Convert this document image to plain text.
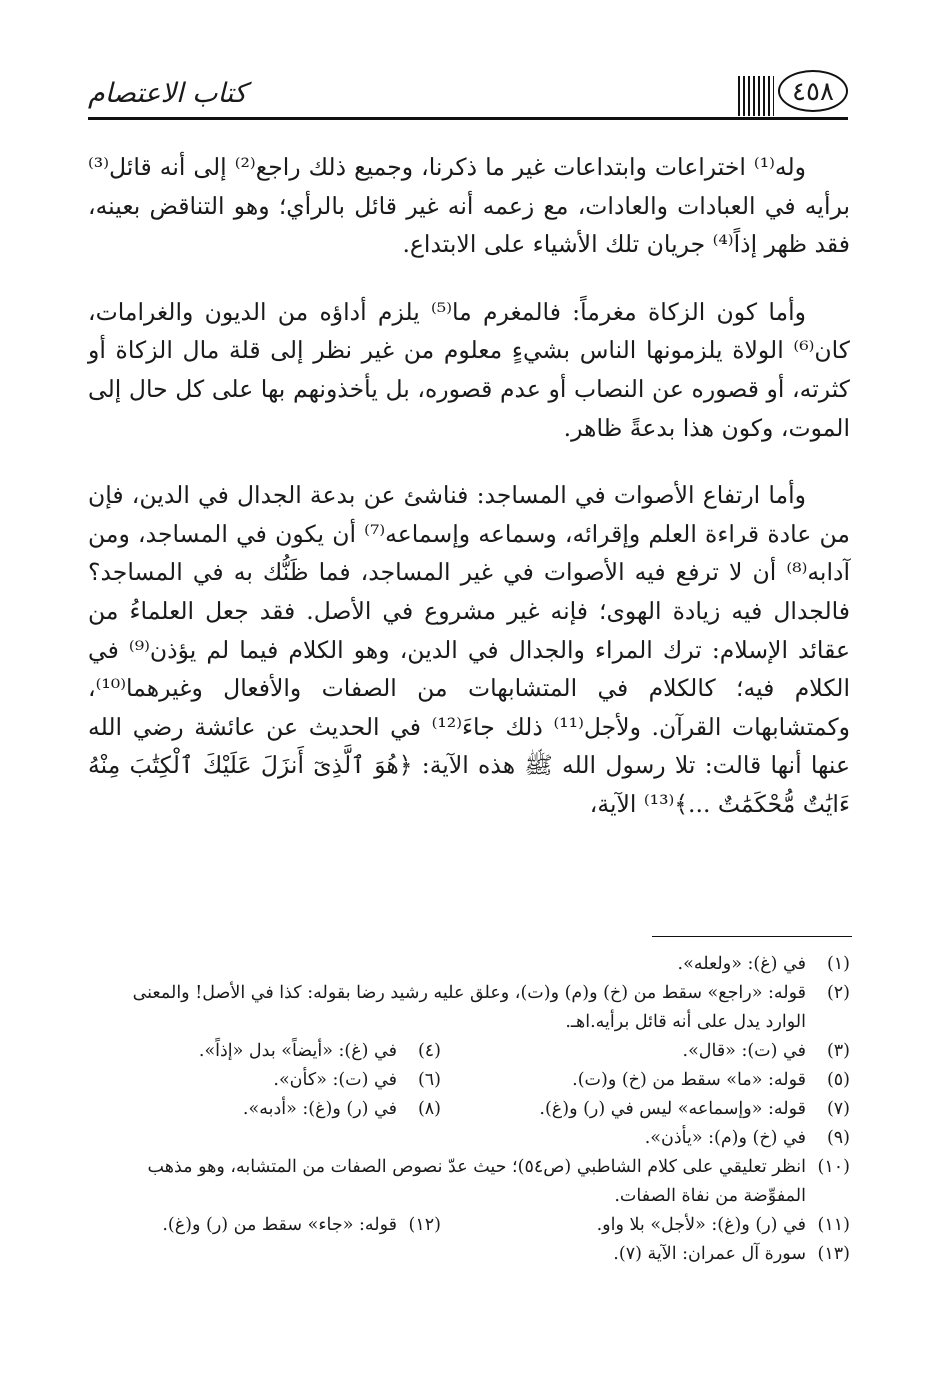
٤٥٨
كتاب الاعتصام

وله⁽¹⁾ اختراعات وابتداعات غير ما ذكرنا، وجميع ذلك راجع⁽²⁾ إلى أنه قائل⁽³⁾ برأيه في العبادات والعادات، مع زعمه أنه غير قائل بالرأي؛ وهو التناقض بعينه، فقد ظهر إذاً⁽⁴⁾ جريان تلك الأشياء على الابتداع.

وأما كون الزكاة مغرماً: فالمغرم ما⁽⁵⁾ يلزم أداؤه من الديون والغرامات، كان⁽⁶⁾ الولاة يلزمونها الناس بشيءٍ معلوم من غير نظر إلى قلة مال الزكاة أو كثرته، أو قصوره عن النصاب أو عدم قصوره، بل يأخذونهم بها على كل حال إلى الموت، وكون هذا بدعةً ظاهر.

وأما ارتفاع الأصوات في المساجد: فناشئ عن بدعة الجدال في الدين، فإن من عادة قراءة العلم وإقرائه، وسماعه وإسماعه⁽⁷⁾ أن يكون في المساجد، ومن آدابه⁽⁸⁾ أن لا ترفع فيه الأصوات في غير المساجد، فما ظَنُّك به في المساجد؟ فالجدال فيه زيادة الهوى؛ فإنه غير مشروع في الأصل. فقد جعل العلماءُ من عقائد الإسلام: ترك المراء والجدال في الدين، وهو الكلام فيما لم يؤذن⁽⁹⁾ في الكلام فيه؛ كالكلام في المتشابهات من الصفات والأفعال وغيرهما⁽¹⁰⁾، وكمتشابهات القرآن. ولأجل⁽¹¹⁾ ذلك جاءَ⁽¹²⁾ في الحديث عن عائشة رضي الله عنها أنها قالت: تلا رسول الله ﷺ هذه الآية: ﴿هُوَ ٱلَّذِىٓ أَنزَلَ عَلَيْكَ ٱلْكِتَٰبَ مِنْهُ ءَايَٰتٌ مُّحْكَمَٰتٌ ...﴾⁽¹³⁾ الآية،

(١)في (غ): «ولعله».

(٢)قوله: «راجع» سقط من (خ) و(م) و(ت)، وعلق عليه رشيد رضا بقوله: كذا في الأصل! والمعنى الوارد يدل على أنه قائل برأيه.اهـ.

(٣)في (ت): «قال».

(٤)في (غ): «أيضاً» بدل «إذاً».

(٥)قوله: «ما» سقط من (خ) و(ت).

(٦)في (ت): «كأن».

(٧)قوله: «وإسماعه» ليس في (ر) و(غ).

(٨)في (ر) و(غ): «أدبه».

(٩)في (خ) و(م): «يأذن».

(١٠)انظر تعليقي على كلام الشاطبي (ص٥٤)؛ حيث عدّ نصوص الصفات من المتشابه، وهو مذهب المفوِّضة من نفاة الصفات.

(١١)في (ر) و(غ): «لأجل» بلا واو.

(١٢)قوله: «جاء» سقط من (ر) و(غ).

(١٣)سورة آل عمران: الآية (٧).
